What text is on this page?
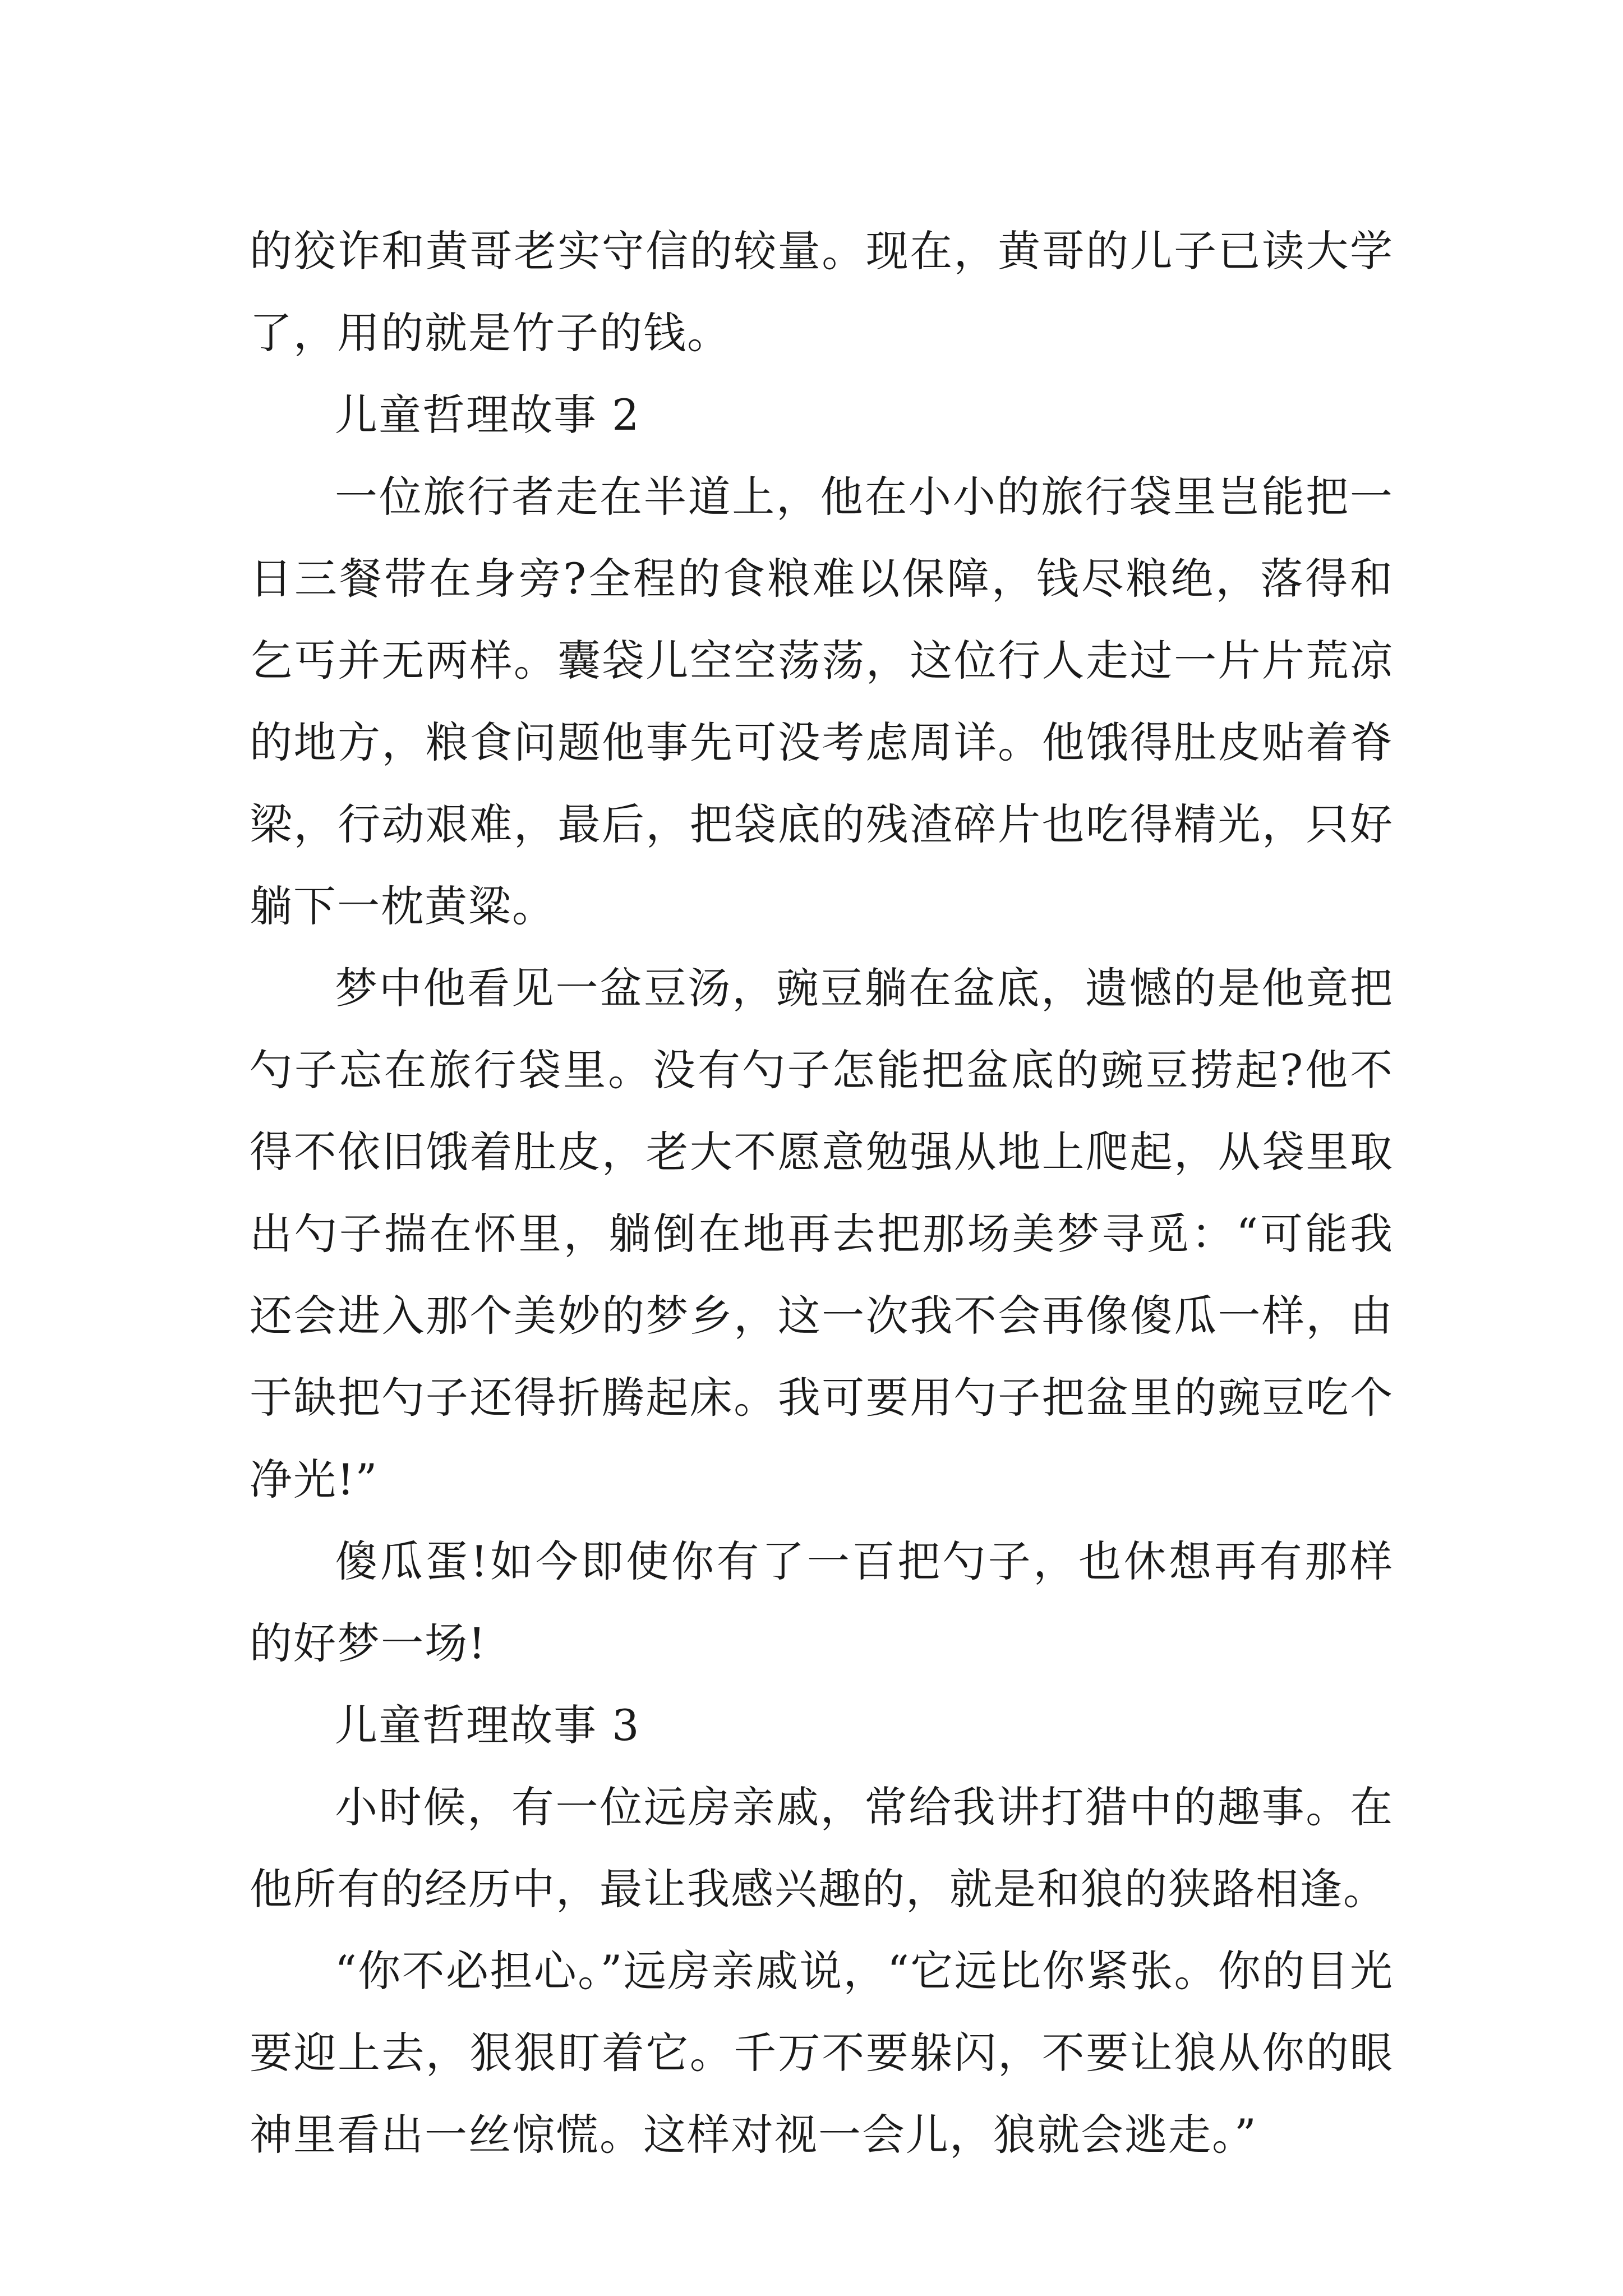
的狡诈和黄哥老实守信的较量。现在，黄哥的儿子已读大学了，用的就是竹子的钱。

儿童哲理故事 2

一位旅行者走在半道上，他在小小的旅行袋里岂能把一日三餐带在身旁?全程的食粮难以保障，钱尽粮绝，落得和乞丐并无两样。囊袋儿空空荡荡，这位行人走过一片片荒凉的地方，粮食问题他事先可没考虑周详。他饿得肚皮贴着脊梁，行动艰难，最后，把袋底的残渣碎片也吃得精光，只好躺下一枕黄粱。

梦中他看见一盆豆汤，豌豆躺在盆底，遗憾的是他竟把勺子忘在旅行袋里。没有勺子怎能把盆底的豌豆捞起?他不得不依旧饿着肚皮，老大不愿意勉强从地上爬起，从袋里取出勺子揣在怀里，躺倒在地再去把那场美梦寻觅：“可能我还会进入那个美妙的梦乡，这一次我不会再像傻瓜一样，由于缺把勺子还得折腾起床。我可要用勺子把盆里的豌豆吃个净光!”

傻瓜蛋!如今即使你有了一百把勺子，也休想再有那样的好梦一场!

儿童哲理故事 3

小时候，有一位远房亲戚，常给我讲打猎中的趣事。在他所有的经历中，最让我感兴趣的，就是和狼的狭路相逢。

“你不必担心。”远房亲戚说，“它远比你紧张。你的目光要迎上去，狠狠盯着它。千万不要躲闪，不要让狼从你的眼神里看出一丝惊慌。这样对视一会儿，狼就会逃走。”
